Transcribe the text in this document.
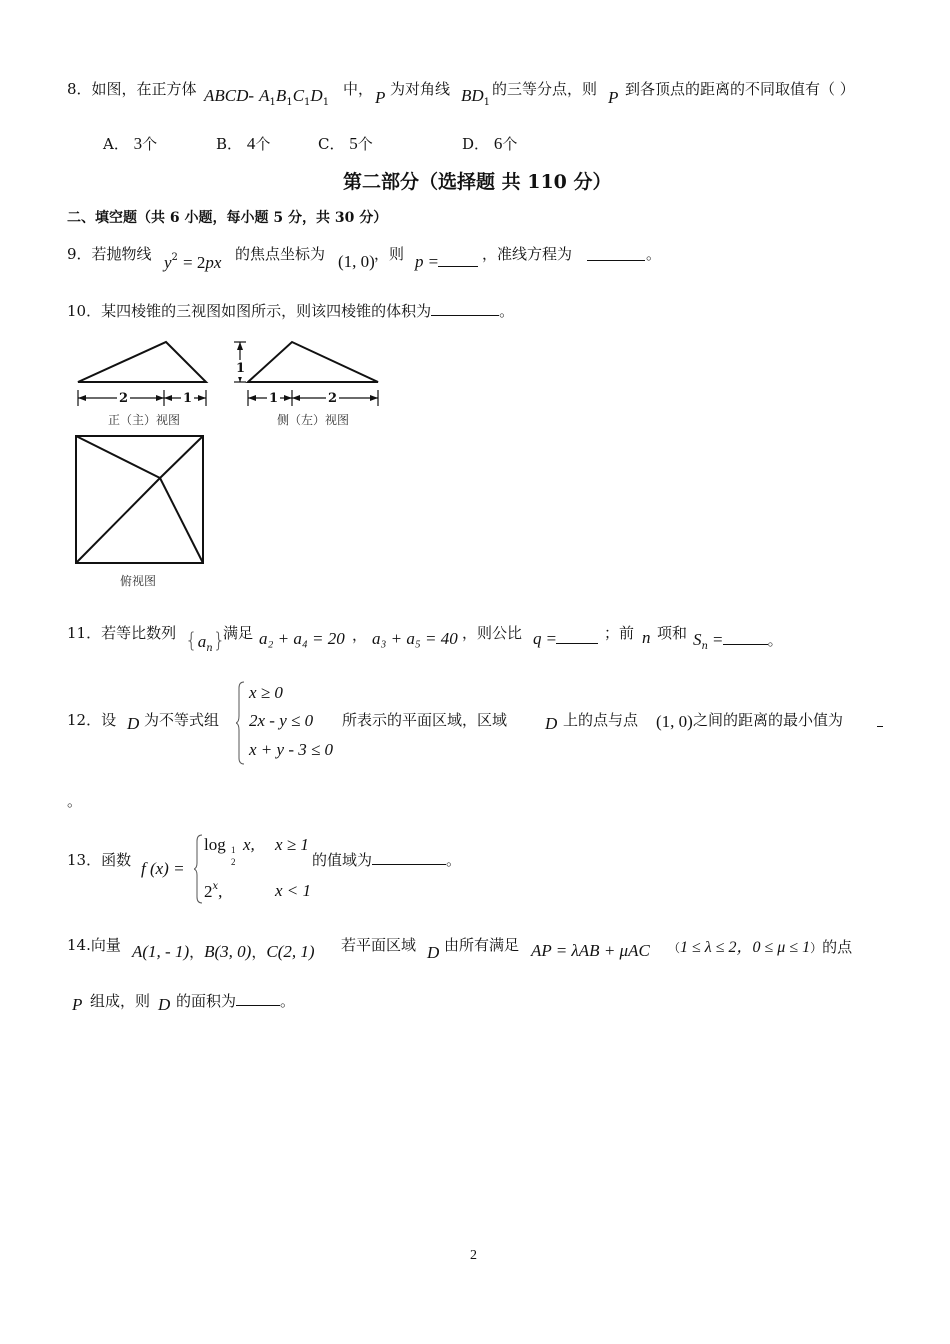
8．如图，在正方体 ABCD- $A_1B_1C_1D_1$
中， P 为对角线 $BD_1$
的三等分点，则 P 到各顶点的距离的不同取值有（ ）
A． 3个	B． 4个	C． 5个	D． 6个
第二部分（选择题 共 110 分）
二、填空题（共 6 小题，每小题 5 分，共 30 分）
9．若抛物线 $y^2 = 2px$ 的焦点坐标为 (1, 0) ，则 p =	，准线方程为	。
10．某四棱锥的三视图如图所示，则该四棱锥的体积为	。
2	1	1	2
1
正（主）视图	侧（左）视图
俯视图
11．若等比数列 $\{a_n\}$
满足 a₂ + a₄ = 20 ， a₃ + a₅ = 40 ，则公比 q =	；前 n 项和 $S_n$ =	。
12．设 D 为不等式组
x ≥ 0
2x - y ≤ 0
x + y - 3 ≤ 0
所表示的平面区域，区域 D 上的点与点 (1, 0) 之间的距离的最小值为
。
13．函数 f (x) =
log 1
2
x, x ≥ 1
2$^x$,	x < 1
的值域为	。
14.向量 A(1, - 1)，B(3, 0)，C(2, 1) 若平面区域 D 由所有满足 AP = λAB + μAC （1 ≤ λ ≤ 2，0 ≤ μ ≤ 1）的点
P 组成，则 D 的面积为	。
2
